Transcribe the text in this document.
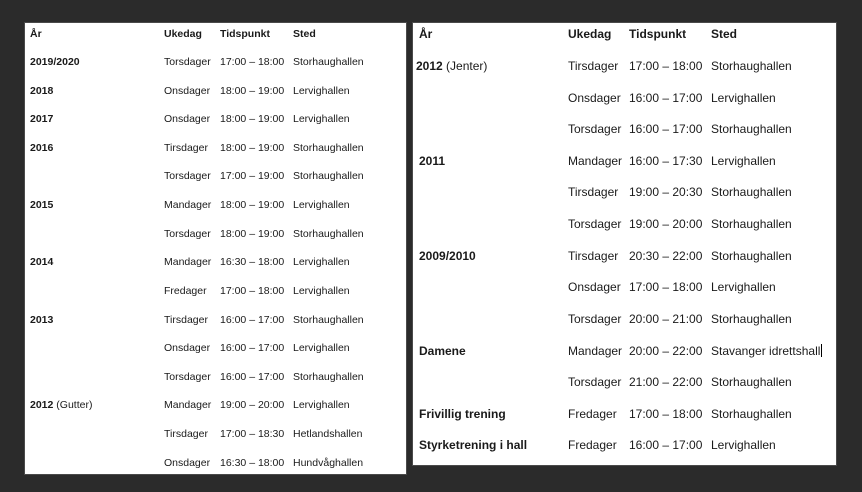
År	Ukedag Tidspunkt Sted
2019/2020	Torsdager 17:00 – 18:00 Storhaughallen
2018	Onsdager 18:00 – 19:00 Lervighallen
2017	Onsdager 18:00 – 19:00 Lervighallen
2016	Tirsdager 18:00 – 19:00 Storhaughallen
Torsdager 17:00 – 19:00 Storhaughallen
2015	Mandager 18:00 – 19:00 Lervighallen
Torsdager 18:00 – 19:00 Storhaughallen
2014	Mandager 16:30 – 18:00 Lervighallen
Fredager 17:00 – 18:00 Lervighallen
2013	Tirsdager 16:00 – 17:00 Storhaughallen
Onsdager 16:00 – 17:00 Lervighallen
Torsdager 16:00 – 17:00 Storhaughallen
2012 (Gutter)	Mandager 19:00 – 20:00 Lervighallen
Tirsdager 17:00 – 18:30 Hetlandshallen
Onsdager 16:30 – 18:00 Hundvåghallen
År	Ukedag Tidspunkt Sted
2012 (Jenter)	Tirsdager 17:00 – 18:00 Storhaughallen
Onsdager 16:00 – 17:00 Lervighallen
Torsdager 16:00 – 17:00 Storhaughallen
2011	Mandager 16:00 – 17:30 Lervighallen
Tirsdager 19:00 – 20:30 Storhaughallen
Torsdager 19:00 – 20:00 Storhaughallen
2009/2010	Tirsdager 20:30 – 22:00 Storhaughallen
Onsdager 17:00 – 18:00 Lervighallen
Torsdager 20:00 – 21:00 Storhaughallen
Damene	Mandager 20:00 – 22:00 Stavanger idrettshall
Torsdager 21:00 – 22:00 Storhaughallen
Frivillig trening	Fredager 17:00 – 18:00 Storhaughallen
Styrketrening i hall	Fredager 16:00 – 17:00 Lervighallen
